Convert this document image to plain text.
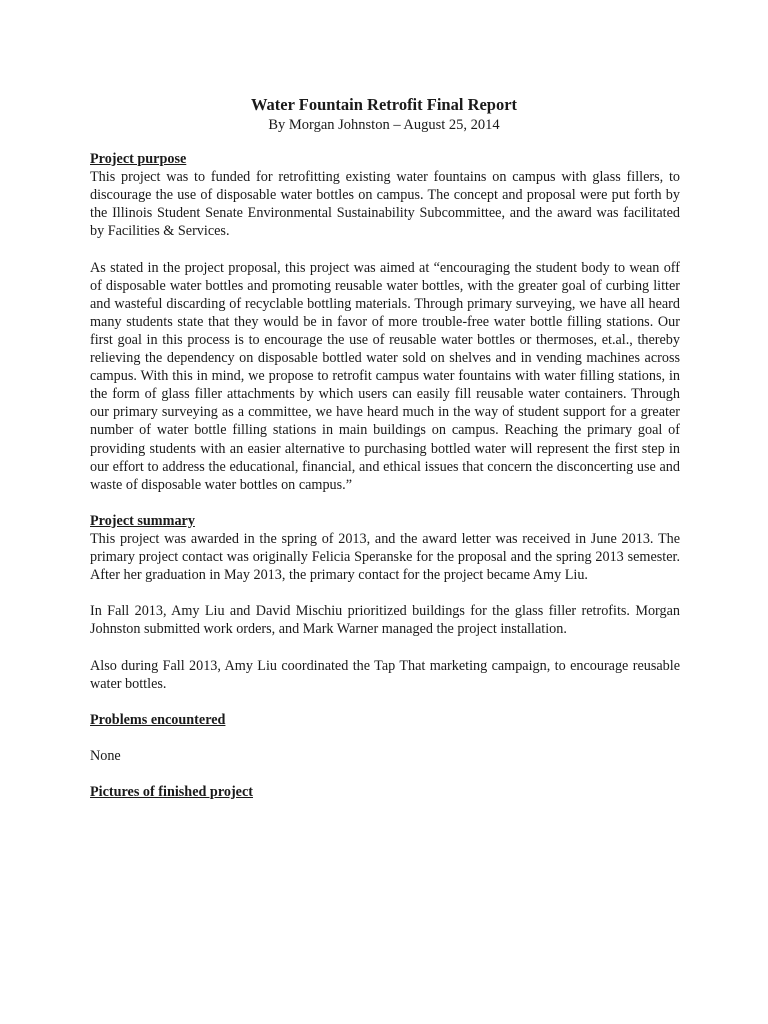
Water Fountain Retrofit Final Report
By Morgan Johnston – August 25, 2014

Project purpose

This project was to funded for retrofitting existing water fountains on campus with glass fillers, to discourage the use of disposable water bottles on campus. The concept and proposal were put forth by the Illinois Student Senate Environmental Sustainability Subcommittee, and the award was facilitated by Facilities & Services.

As stated in the project proposal, this project was aimed at “encouraging the student body to wean off of disposable water bottles and promoting reusable water bottles, with the greater goal of curbing litter and wasteful discarding of recyclable bottling materials. Through primary surveying, we have all heard many students state that they would be in favor of more trouble-free water bottle filling stations. Our first goal in this process is to encourage the use of reusable water bottles or thermoses, et.al., thereby relieving the dependency on disposable bottled water sold on shelves and in vending machines across campus. With this in mind, we propose to retrofit campus water fountains with water filling stations, in the form of glass filler attachments by which users can easily fill reusable water containers. Through our primary surveying as a committee, we have heard much in the way of student support for a greater number of water bottle filling stations in main buildings on campus. Reaching the primary goal of providing students with an easier alternative to purchasing bottled water will represent the first step in our effort to address the educational, financial, and ethical issues that concern the disconcerting use and waste of disposable water bottles on campus.”

Project summary

This project was awarded in the spring of 2013, and the award letter was received in June 2013. The primary project contact was originally Felicia Speranske for the proposal and the spring 2013 semester. After her graduation in May 2013, the primary contact for the project became Amy Liu.

In Fall 2013, Amy Liu and David Mischiu prioritized buildings for the glass filler retrofits. Morgan Johnston submitted work orders, and Mark Warner managed the project installation.

Also during Fall 2013, Amy Liu coordinated the Tap That marketing campaign, to encourage reusable water bottles.

Problems encountered

None

Pictures of finished project
